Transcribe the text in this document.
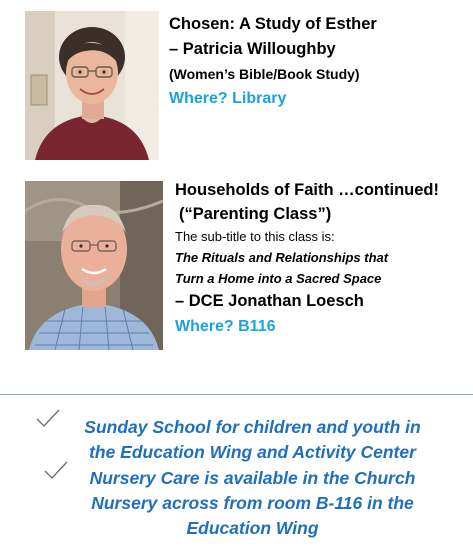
Chosen: A Study of Esther
– Patricia Willoughby
(Women’s Bible/Book Study)
Where? Library
Households of Faith …continued!
(“Parenting Class”)
The sub-title to this class is:
The Rituals and Relationships that
Turn a Home into a Sacred Space
– DCE Jonathan Loesch
Where? B116
Sunday School for children and youth in
the Education Wing and Activity Center
Nursery Care is available in the Church
Nursery across from room B-116 in the
Education Wing
